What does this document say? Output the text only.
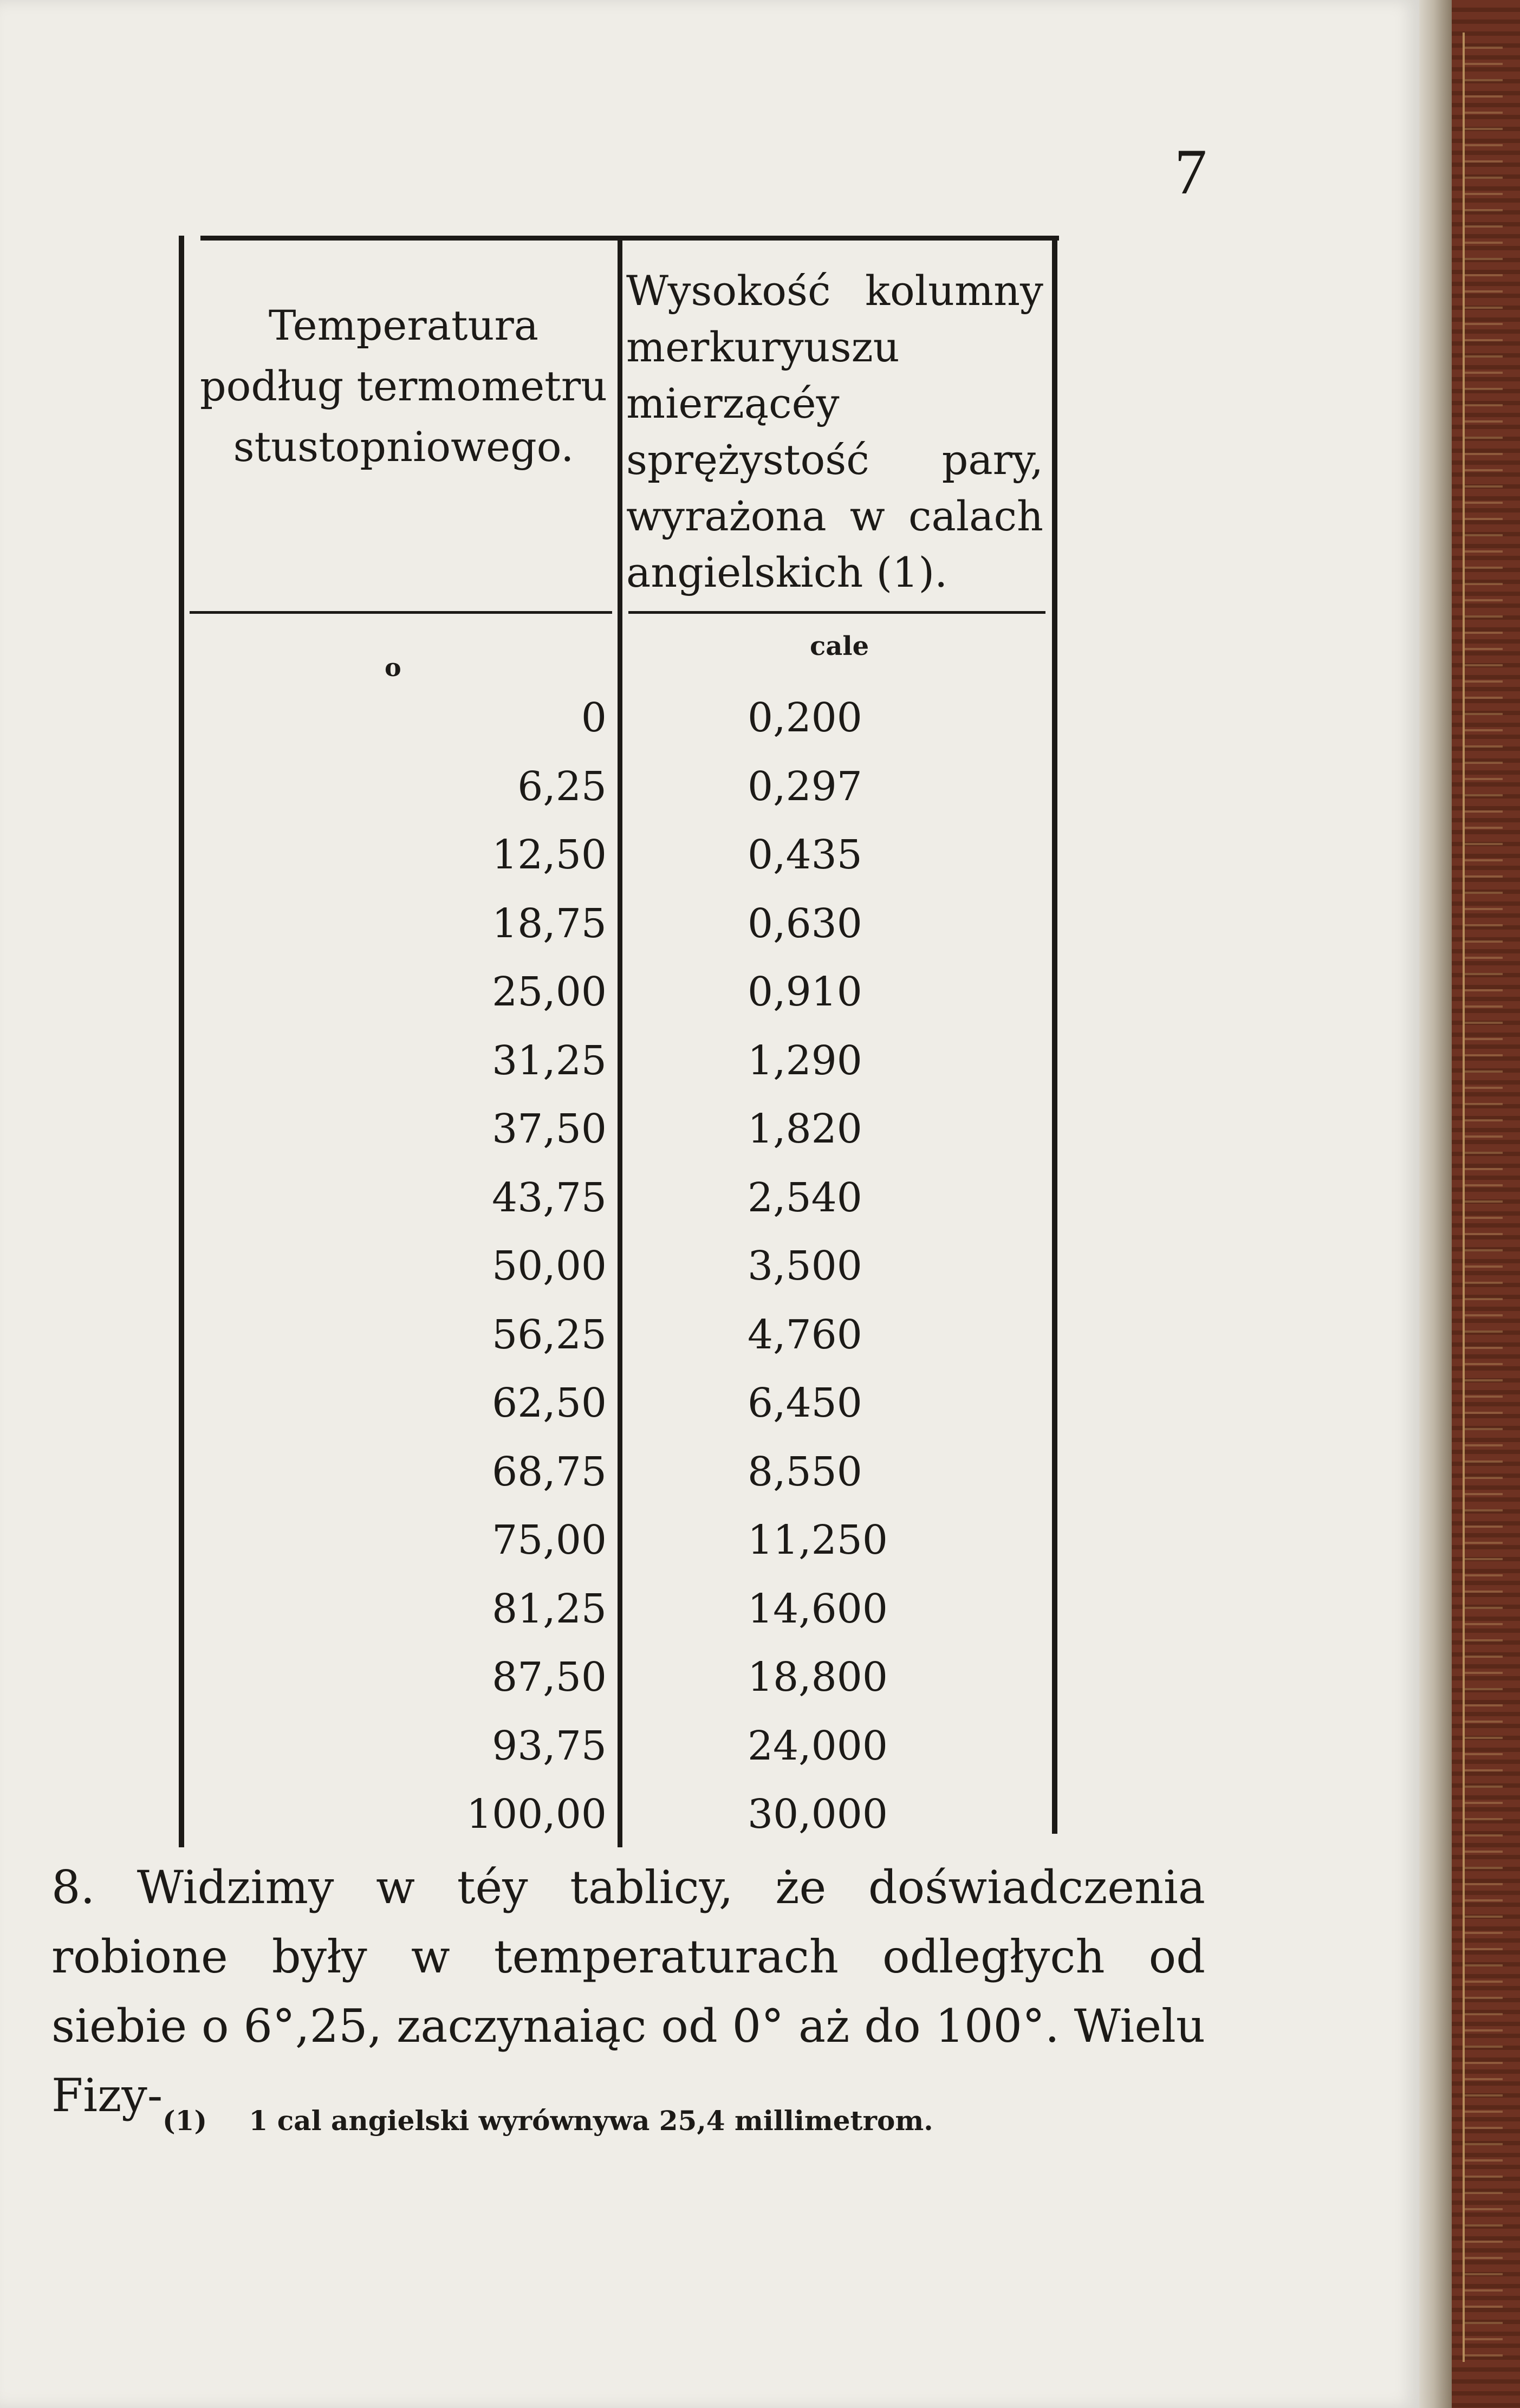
7
Temperatura podług termometru stustopniowego.
Wysokość kolumny merkuryuszu mierzącéy sprężystość pary, wyrażona w calach angielskich (1).
o
cale
0	0,200
6,25	0,297
12,50	0,435
18,75	0,630
25,00	0,910
31,25	1,290
37,50	1,820
43,75	2,540
50,00	3,500
56,25	4,760
62,50	6,450
68,75	8,550
75,00	11,250
81,25	14,600
87,50	18,800
93,75	24,000
100,00	30,000

8. Widzimy w téy tablicy, że doświadczenia robione były w temperaturach odległych od siebie o 6°,25, zaczynaiąc od 0° aż do 100°. Wielu Fizy- (1) 1 cal angielski wyrównywa 25,4 millimetrom.
